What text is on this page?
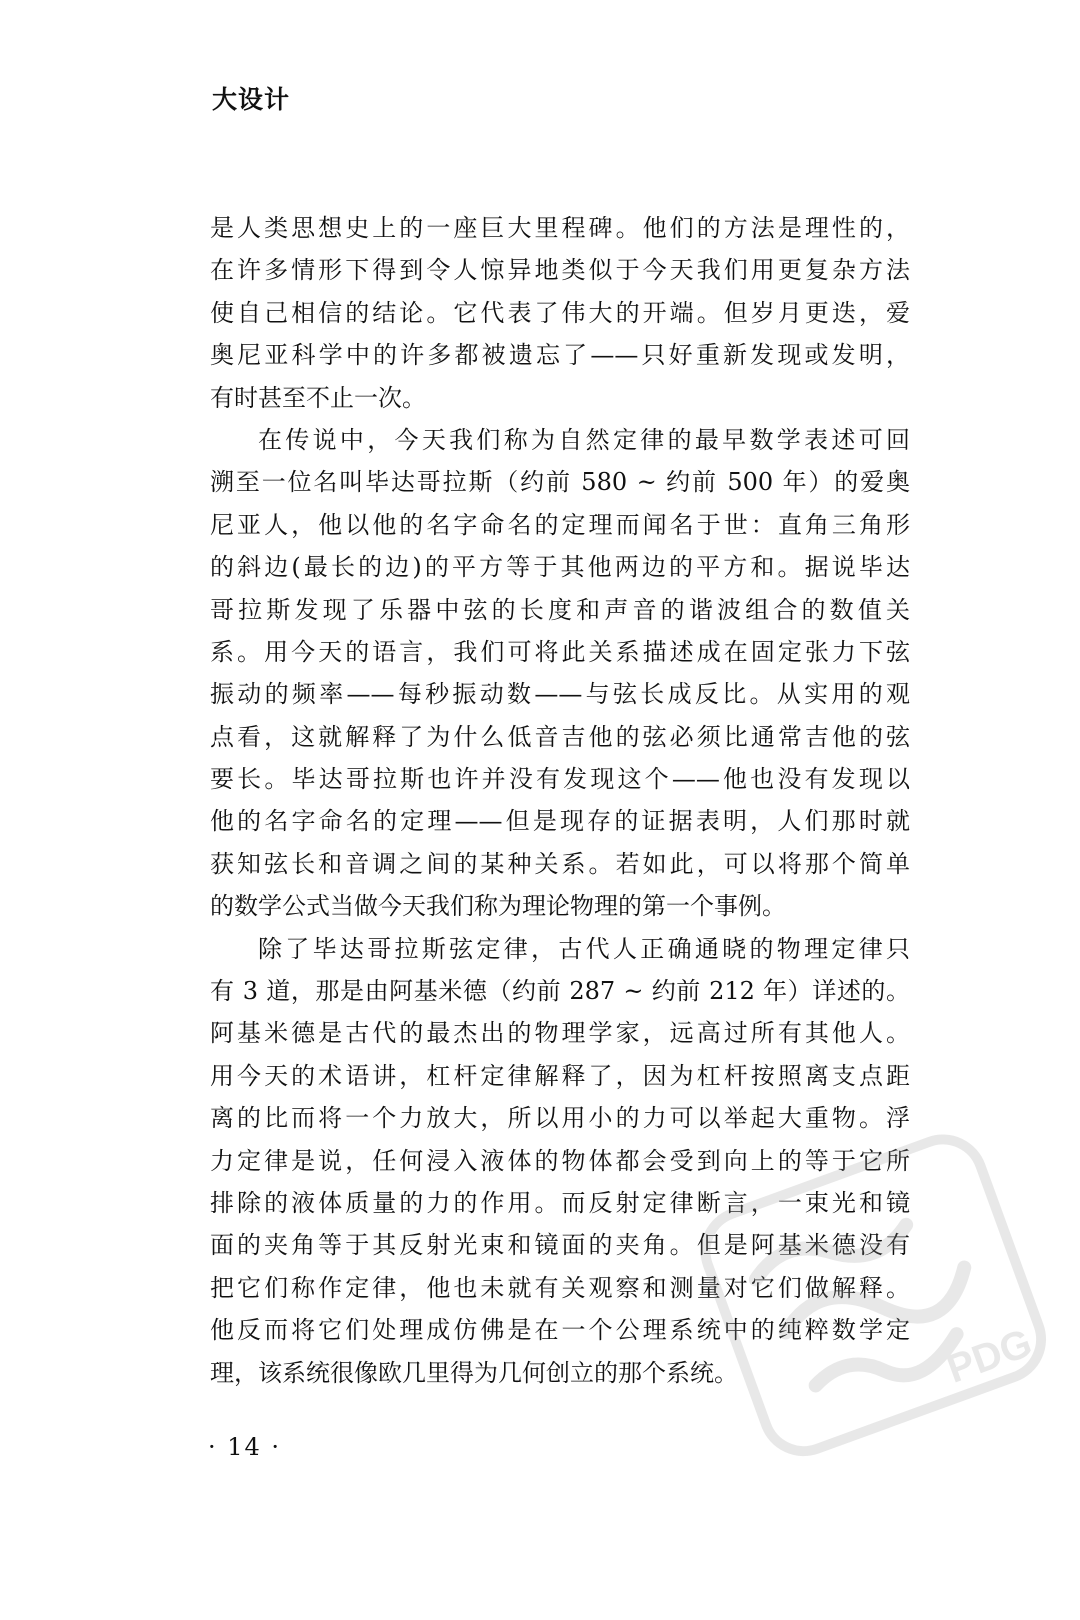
大设计
是人类思想史上的一座巨大里程碑。他们的方法是理性的，
在许多情形下得到令人惊异地类似于今天我们用更复杂方法
使自己相信的结论。它代表了伟大的开端。但岁月更迭，爱
奥尼亚科学中的许多都被遗忘了——只好重新发现或发明，
有时甚至不止一次。
在传说中，今天我们称为自然定律的最早数学表述可回
溯至一位名叫毕达哥拉斯（约前 580 ~ 约前 500 年）的爱奥
尼亚人，他以他的名字命名的定理而闻名于世：直角三角形
的斜边(最长的边)的平方等于其他两边的平方和。据说毕达
哥拉斯发现了乐器中弦的长度和声音的谐波组合的数值关
系。用今天的语言，我们可将此关系描述成在固定张力下弦
振动的频率——每秒振动数——与弦长成反比。从实用的观
点看，这就解释了为什么低音吉他的弦必须比通常吉他的弦
要长。毕达哥拉斯也许并没有发现这个——他也没有发现以
他的名字命名的定理——但是现存的证据表明，人们那时就
获知弦长和音调之间的某种关系。若如此，可以将那个简单
的数学公式当做今天我们称为理论物理的第一个事例。
除了毕达哥拉斯弦定律，古代人正确通晓的物理定律只
有 3 道，那是由阿基米德（约前 287 ~ 约前 212 年）详述的。
阿基米德是古代的最杰出的物理学家，远高过所有其他人。
用今天的术语讲，杠杆定律解释了，因为杠杆按照离支点距
离的比而将一个力放大，所以用小的力可以举起大重物。浮
力定律是说，任何浸入液体的物体都会受到向上的等于它所
排除的液体质量的力的作用。而反射定律断言，一束光和镜
面的夹角等于其反射光束和镜面的夹角。但是阿基米德没有
把它们称作定律，他也未就有关观察和测量对它们做解释。
他反而将它们处理成仿佛是在一个公理系统中的纯粹数学定
理，该系统很像欧几里得为几何创立的那个系统。
· 14 ·
PDG
